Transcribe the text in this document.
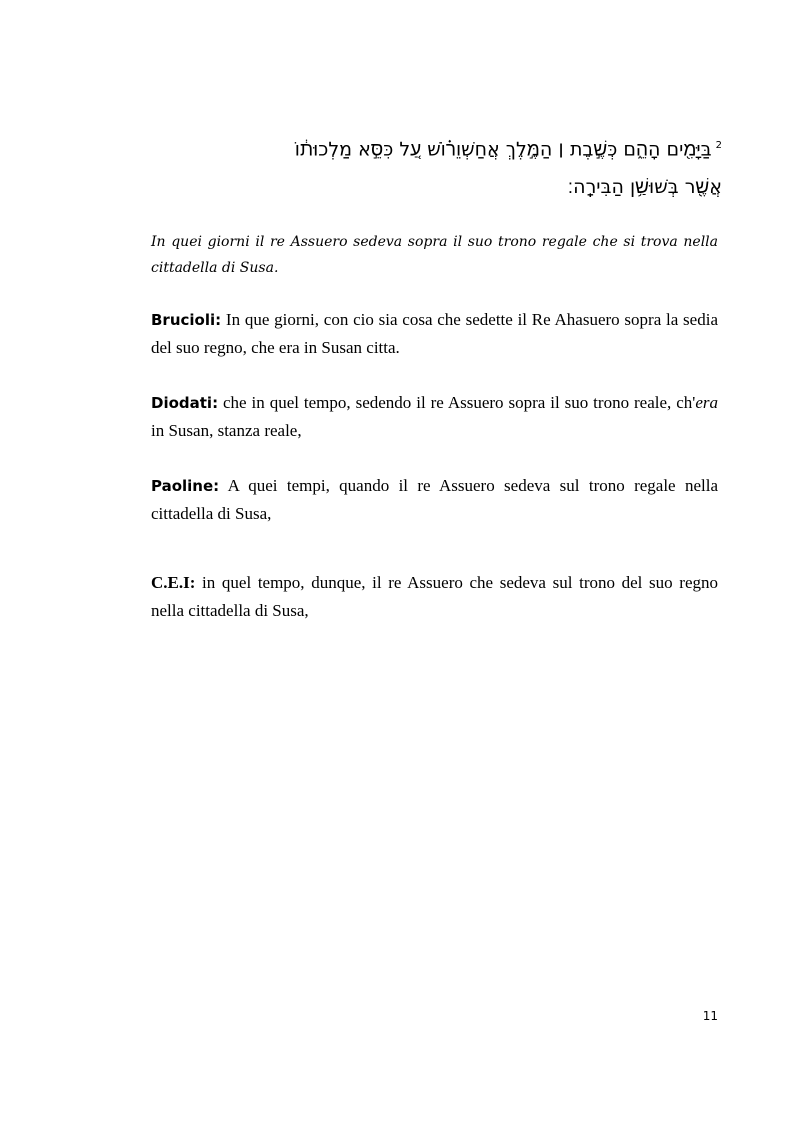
$^2$בַּיָּמִ֖ים הָהֵ֑ם כְּשֶׁ֣בֶת ׀ הַמֶּ֣לֶךְ אֲחַשְׁוֵר֗וֹשׁ עַ֚ל כִּסֵּ֣א מַלְכוּת֔וֹ
אֲשֶׁ֖ר בְּשׁוּשַׁ֥ן הַבִּירָֽה׃
In quei giorni il re Assuero sedeva sopra il suo trono regale che si trova nella cittadella di Susa.
Brucioli: In que giorni, con cio sia cosa che sedette il Re Ahasuero sopra la sedia del suo regno, che era in Susan citta.
Diodati: che in quel tempo, sedendo il re Assuero sopra il suo trono reale, ch'era in Susan, stanza reale,
Paoline: A quei tempi, quando il re Assuero sedeva sul trono regale nella cittadella di Susa,
C.E.I: in quel tempo, dunque, il re Assuero che sedeva sul trono del suo regno nella cittadella di Susa,
11
